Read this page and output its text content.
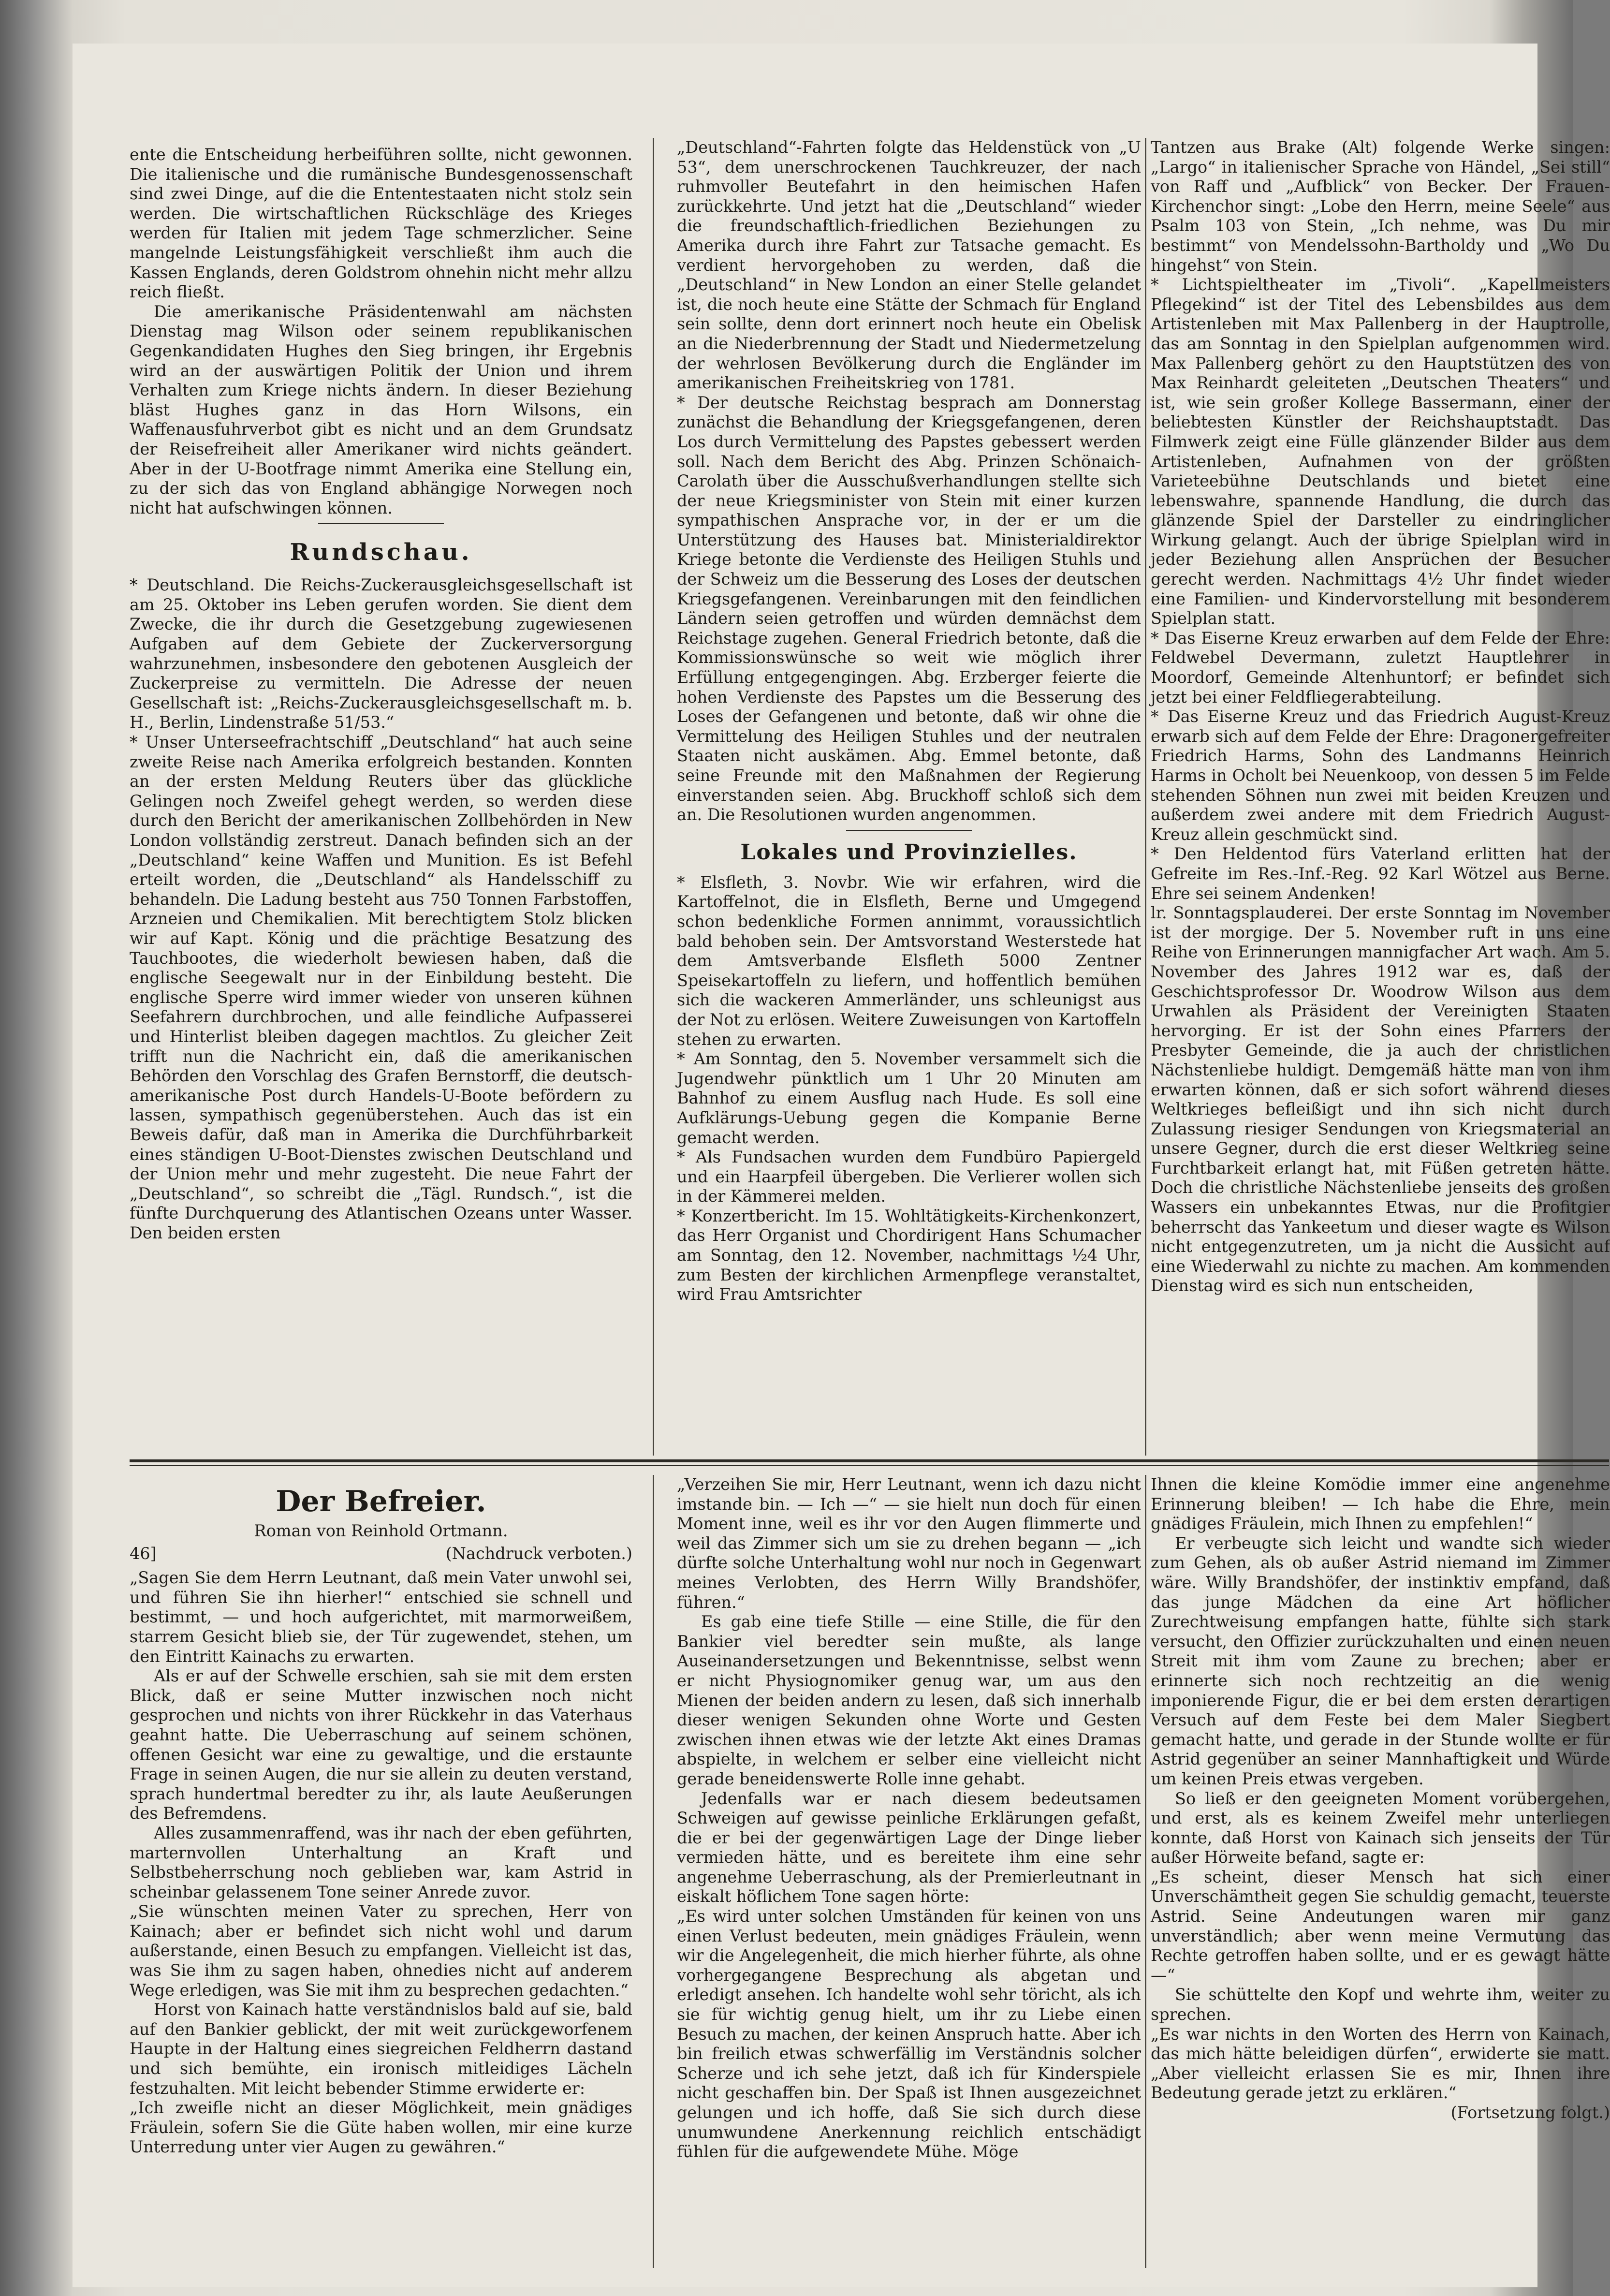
ente die Entscheidung herbeiführen sollte, nicht gewonnen. Die italienische und die rumänische Bundesgenossenschaft sind zwei Dinge, auf die die Ententestaaten nicht stolz sein werden. Die wirtschaftlichen Rückschläge des Krieges werden für Italien mit jedem Tage schmerzlicher. Seine mangelnde Leistungsfähigkeit verschließt ihm auch die Kassen Englands, deren Goldstrom ohnehin nicht mehr allzu reich fließt.

Die amerikanische Präsidentenwahl am nächsten Dienstag mag Wilson oder seinem republikanischen Gegenkandidaten Hughes den Sieg bringen, ihr Ergebnis wird an der auswärtigen Politik der Union und ihrem Verhalten zum Kriege nichts ändern. In dieser Beziehung bläst Hughes ganz in das Horn Wilsons, ein Waffenausfuhrverbot gibt es nicht und an dem Grundsatz der Reisefreiheit aller Amerikaner wird nichts geändert. Aber in der U-Bootfrage nimmt Amerika eine Stellung ein, zu der sich das von England abhängige Norwegen noch nicht hat aufschwingen können.

Rundschau.

* Deutschland. Die Reichs-Zuckerausgleichsgesellschaft ist am 25. Oktober ins Leben gerufen worden. Sie dient dem Zwecke, die ihr durch die Gesetzgebung zugewiesenen Aufgaben auf dem Gebiete der Zuckerversorgung wahrzunehmen, insbesondere den gebotenen Ausgleich der Zuckerpreise zu vermitteln. Die Adresse der neuen Gesellschaft ist: „Reichs-Zuckerausgleichsgesellschaft m. b. H., Berlin, Lindenstraße 51/53.“

* Unser Unterseefrachtschiff „Deutschland“ hat auch seine zweite Reise nach Amerika erfolgreich bestanden. Konnten an der ersten Meldung Reuters über das glückliche Gelingen noch Zweifel gehegt werden, so werden diese durch den Bericht der amerikanischen Zollbehörden in New London vollständig zerstreut. Danach befinden sich an der „Deutschland“ keine Waffen und Munition. Es ist Befehl erteilt worden, die „Deutschland“ als Handelsschiff zu behandeln. Die Ladung besteht aus 750 Tonnen Farbstoffen, Arzneien und Chemikalien. Mit berechtigtem Stolz blicken wir auf Kapt. König und die prächtige Besatzung des Tauchbootes, die wiederholt bewiesen haben, daß die englische Seegewalt nur in der Einbildung besteht. Die englische Sperre wird immer wieder von unseren kühnen Seefahrern durchbrochen, und alle feindliche Aufpasserei und Hinterlist bleiben dagegen machtlos. Zu gleicher Zeit trifft nun die Nachricht ein, daß die amerikanischen Behörden den Vorschlag des Grafen Bernstorff, die deutsch-amerikanische Post durch Handels-U-Boote befördern zu lassen, sympathisch gegenüberstehen. Auch das ist ein Beweis dafür, daß man in Amerika die Durchführbarkeit eines ständigen U-Boot-Dienstes zwischen Deutschland und der Union mehr und mehr zugesteht. Die neue Fahrt der „Deutschland“, so schreibt die „Tägl. Rundsch.“, ist die fünfte Durchquerung des Atlantischen Ozeans unter Wasser. Den beiden ersten

„Deutschland“-Fahrten folgte das Heldenstück von „U 53“, dem unerschrockenen Tauchkreuzer, der nach ruhmvoller Beutefahrt in den heimischen Hafen zurückkehrte. Und jetzt hat die „Deutschland“ wieder die freundschaftlich-friedlichen Beziehungen zu Amerika durch ihre Fahrt zur Tatsache gemacht. Es verdient hervorgehoben zu werden, daß die „Deutschland“ in New London an einer Stelle gelandet ist, die noch heute eine Stätte der Schmach für England sein sollte, denn dort erinnert noch heute ein Obelisk an die Niederbrennung der Stadt und Niedermetzelung der wehrlosen Bevölkerung durch die Engländer im amerikanischen Freiheitskrieg von 1781.

* Der deutsche Reichstag besprach am Donnerstag zunächst die Behandlung der Kriegsgefangenen, deren Los durch Vermittelung des Papstes gebessert werden soll. Nach dem Bericht des Abg. Prinzen Schönaich-Carolath über die Ausschußverhandlungen stellte sich der neue Kriegsminister von Stein mit einer kurzen sympathischen Ansprache vor, in der er um die Unterstützung des Hauses bat. Ministerialdirektor Kriege betonte die Verdienste des Heiligen Stuhls und der Schweiz um die Besserung des Loses der deutschen Kriegsgefangenen. Vereinbarungen mit den feindlichen Ländern seien getroffen und würden demnächst dem Reichstage zugehen. General Friedrich betonte, daß die Kommissionswünsche so weit wie möglich ihrer Erfüllung entgegengingen. Abg. Erzberger feierte die hohen Verdienste des Papstes um die Besserung des Loses der Gefangenen und betonte, daß wir ohne die Vermittelung des Heiligen Stuhles und der neutralen Staaten nicht auskämen. Abg. Emmel betonte, daß seine Freunde mit den Maßnahmen der Regierung einverstanden seien. Abg. Bruckhoff schloß sich dem an. Die Resolutionen wurden angenommen.

Lokales und Provinzielles.

* Elsfleth, 3. Novbr. Wie wir erfahren, wird die Kartoffelnot, die in Elsfleth, Berne und Umgegend schon bedenkliche Formen annimmt, voraussichtlich bald behoben sein. Der Amtsvorstand Westerstede hat dem Amtsverbande Elsfleth 5000 Zentner Speisekartoffeln zu liefern, und hoffentlich bemühen sich die wackeren Ammerländer, uns schleunigst aus der Not zu erlösen. Weitere Zuweisungen von Kartoffeln stehen zu erwarten.

* Am Sonntag, den 5. November versammelt sich die Jugendwehr pünktlich um 1 Uhr 20 Minuten am Bahnhof zu einem Ausflug nach Hude. Es soll eine Aufklärungs-Uebung gegen die Kompanie Berne gemacht werden.

* Als Fundsachen wurden dem Fundbüro Papiergeld und ein Haarpfeil übergeben. Die Verlierer wollen sich in der Kämmerei melden.

* Konzertbericht. Im 15. Wohltätigkeits-Kirchenkonzert, das Herr Organist und Chordirigent Hans Schumacher am Sonntag, den 12. November, nachmittags ½4 Uhr, zum Besten der kirchlichen Armenpflege veranstaltet, wird Frau Amtsrichter

Tantzen aus Brake (Alt) folgende Werke singen: „Largo“ in italienischer Sprache von Händel, „Sei still“ von Raff und „Aufblick“ von Becker. Der Frauen-Kirchenchor singt: „Lobe den Herrn, meine Seele“ aus Psalm 103 von Stein, „Ich nehme, was Du mir bestimmt“ von Mendelssohn-Bartholdy und „Wo Du hingehst“ von Stein.

* Lichtspieltheater im „Tivoli“. „Kapellmeisters Pflegekind“ ist der Titel des Lebensbildes aus dem Artistenleben mit Max Pallenberg in der Hauptrolle, das am Sonntag in den Spielplan aufgenommen wird. Max Pallenberg gehört zu den Hauptstützen des von Max Reinhardt geleiteten „Deutschen Theaters“ und ist, wie sein großer Kollege Bassermann, einer der beliebtesten Künstler der Reichshauptstadt. Das Filmwerk zeigt eine Fülle glänzender Bilder aus dem Artistenleben, Aufnahmen von der größten Varieteebühne Deutschlands und bietet eine lebenswahre, spannende Handlung, die durch das glänzende Spiel der Darsteller zu eindringlicher Wirkung gelangt. Auch der übrige Spielplan wird in jeder Beziehung allen Ansprüchen der Besucher gerecht werden. Nachmittags 4½ Uhr findet wieder eine Familien- und Kindervorstellung mit besonderem Spielplan statt.

* Das Eiserne Kreuz erwarben auf dem Felde der Ehre: Feldwebel Devermann, zuletzt Hauptlehrer in Moordorf, Gemeinde Altenhuntorf; er befindet sich jetzt bei einer Feldfliegerabteilung.

* Das Eiserne Kreuz und das Friedrich August-Kreuz erwarb sich auf dem Felde der Ehre: Dragonergefreiter Friedrich Harms, Sohn des Landmanns Heinrich Harms in Ocholt bei Neuenkoop, von dessen 5 im Felde stehenden Söhnen nun zwei mit beiden Kreuzen und außerdem zwei andere mit dem Friedrich August-Kreuz allein geschmückt sind.

* Den Heldentod fürs Vaterland erlitten hat der Gefreite im Res.-Inf.-Reg. 92 Karl Wötzel aus Berne. Ehre sei seinem Andenken!

lr. Sonntagsplauderei. Der erste Sonntag im November ist der morgige. Der 5. November ruft in uns eine Reihe von Erinnerungen mannigfacher Art wach. Am 5. November des Jahres 1912 war es, daß der Geschichtsprofessor Dr. Woodrow Wilson aus dem Urwahlen als Präsident der Vereinigten Staaten hervorging. Er ist der Sohn eines Pfarrers der Presbyter Gemeinde, die ja auch der christlichen Nächstenliebe huldigt. Demgemäß hätte man von ihm erwarten können, daß er sich sofort während dieses Weltkrieges befleißigt und ihn sich nicht durch Zulassung riesiger Sendungen von Kriegsmaterial an unsere Gegner, durch die erst dieser Weltkrieg seine Furchtbarkeit erlangt hat, mit Füßen getreten hätte. Doch die christliche Nächstenliebe jenseits des großen Wassers ein unbekanntes Etwas, nur die Profitgier beherrscht das Yankeetum und dieser wagte es Wilson nicht entgegenzutreten, um ja nicht die Aussicht auf eine Wiederwahl zu nichte zu machen. Am kommenden Dienstag wird es sich nun entscheiden,

Der Befreier.

Roman von Reinhold Ortmann.

46]	(Nachdruck verboten.)

„Sagen Sie dem Herrn Leutnant, daß mein Vater unwohl sei, und führen Sie ihn hierher!“ entschied sie schnell und bestimmt, — und hoch aufgerichtet, mit marmorweißem, starrem Gesicht blieb sie, der Tür zugewendet, stehen, um den Eintritt Kainachs zu erwarten.

Als er auf der Schwelle erschien, sah sie mit dem ersten Blick, daß er seine Mutter inzwischen noch nicht gesprochen und nichts von ihrer Rückkehr in das Vaterhaus geahnt hatte. Die Ueberraschung auf seinem schönen, offenen Gesicht war eine zu gewaltige, und die erstaunte Frage in seinen Augen, die nur sie allein zu deuten verstand, sprach hundertmal beredter zu ihr, als laute Aeußerungen des Befremdens.

Alles zusammenraffend, was ihr nach der eben geführten, marternvollen Unterhaltung an Kraft und Selbstbeherrschung noch geblieben war, kam Astrid in scheinbar gelassenem Tone seiner Anrede zuvor.

„Sie wünschten meinen Vater zu sprechen, Herr von Kainach; aber er befindet sich nicht wohl und darum außerstande, einen Besuch zu empfangen. Vielleicht ist das, was Sie ihm zu sagen haben, ohnedies nicht auf anderem Wege erledigen, was Sie mit ihm zu besprechen gedachten.“

Horst von Kainach hatte verständnislos bald auf sie, bald auf den Bankier geblickt, der mit weit zurückgeworfenem Haupte in der Haltung eines siegreichen Feldherrn dastand und sich bemühte, ein ironisch mitleidiges Lächeln festzuhalten. Mit leicht bebender Stimme erwiderte er:

„Ich zweifle nicht an dieser Möglichkeit, mein gnädiges Fräulein, sofern Sie die Güte haben wollen, mir eine kurze Unterredung unter vier Augen zu gewähren.“

„Verzeihen Sie mir, Herr Leutnant, wenn ich dazu nicht imstande bin. — Ich —“ — sie hielt nun doch für einen Moment inne, weil es ihr vor den Augen flimmerte und weil das Zimmer sich um sie zu drehen begann — „ich dürfte solche Unterhaltung wohl nur noch in Gegenwart meines Verlobten, des Herrn Willy Brandshöfer, führen.“

Es gab eine tiefe Stille — eine Stille, die für den Bankier viel beredter sein mußte, als lange Auseinandersetzungen und Bekenntnisse, selbst wenn er nicht Physiognomiker genug war, um aus den Mienen der beiden andern zu lesen, daß sich innerhalb dieser wenigen Sekunden ohne Worte und Gesten zwischen ihnen etwas wie der letzte Akt eines Dramas abspielte, in welchem er selber eine vielleicht nicht gerade beneidenswerte Rolle inne gehabt.

Jedenfalls war er nach diesem bedeutsamen Schweigen auf gewisse peinliche Erklärungen gefaßt, die er bei der gegenwärtigen Lage der Dinge lieber vermieden hätte, und es bereitete ihm eine sehr angenehme Ueberraschung, als der Premierleutnant in eiskalt höflichem Tone sagen hörte:

„Es wird unter solchen Umständen für keinen von uns einen Verlust bedeuten, mein gnädiges Fräulein, wenn wir die Angelegenheit, die mich hierher führte, als ohne vorhergegangene Besprechung als abgetan und erledigt ansehen. Ich handelte wohl sehr töricht, als ich sie für wichtig genug hielt, um ihr zu Liebe einen Besuch zu machen, der keinen Anspruch hatte. Aber ich bin freilich etwas schwerfällig im Verständnis solcher Scherze und ich sehe jetzt, daß ich für Kinderspiele nicht geschaffen bin. Der Spaß ist Ihnen ausgezeichnet gelungen und ich hoffe, daß Sie sich durch diese unumwundene Anerkennung reichlich entschädigt fühlen für die aufgewendete Mühe. Möge

Ihnen die kleine Komödie immer eine angenehme Erinnerung bleiben! — Ich habe die Ehre, mein gnädiges Fräulein, mich Ihnen zu empfehlen!“

Er verbeugte sich leicht und wandte sich wieder zum Gehen, als ob außer Astrid niemand im Zimmer wäre. Willy Brandshöfer, der instinktiv empfand, daß das junge Mädchen da eine Art höflicher Zurechtweisung empfangen hatte, fühlte sich stark versucht, den Offizier zurückzuhalten und einen neuen Streit mit ihm vom Zaune zu brechen; aber er erinnerte sich noch rechtzeitig an die wenig imponierende Figur, die er bei dem ersten derartigen Versuch auf dem Feste bei dem Maler Siegbert gemacht hatte, und gerade in der Stunde wollte er für Astrid gegenüber an seiner Mannhaftigkeit und Würde um keinen Preis etwas vergeben.

So ließ er den geeigneten Moment vorübergehen, und erst, als es keinem Zweifel mehr unterliegen konnte, daß Horst von Kainach sich jenseits der Tür außer Hörweite befand, sagte er:

„Es scheint, dieser Mensch hat sich einer Unverschämtheit gegen Sie schuldig gemacht, teuerste Astrid. Seine Andeutungen waren mir ganz unverständlich; aber wenn meine Vermutung das Rechte getroffen haben sollte, und er es gewagt hätte —“

Sie schüttelte den Kopf und wehrte ihm, weiter zu sprechen.

„Es war nichts in den Worten des Herrn von Kainach, das mich hätte beleidigen dürfen“, erwiderte sie matt. „Aber vielleicht erlassen Sie es mir, Ihnen ihre Bedeutung gerade jetzt zu erklären.“

(Fortsetzung folgt.)
